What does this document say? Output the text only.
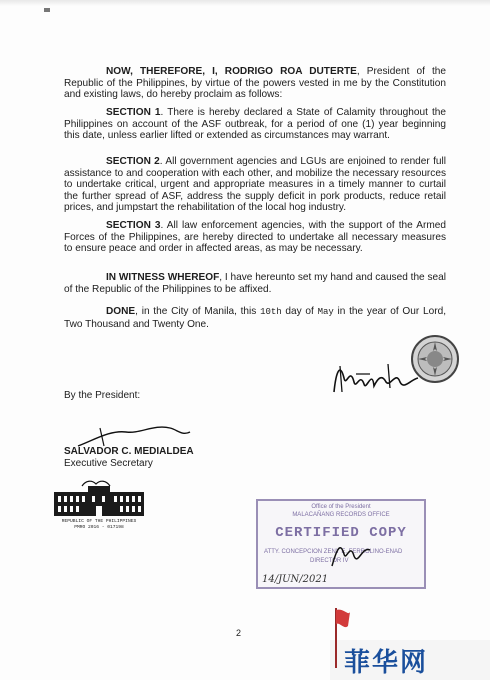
NOW, THEREFORE, I, RODRIGO ROA DUTERTE, President of the Republic of the Philippines, by virtue of the powers vested in me by the Constitution and existing laws, do hereby proclaim as follows:

SECTION 1. There is hereby declared a State of Calamity throughout the Philippines on account of the ASF outbreak, for a period of one (1) year beginning this date, unless earlier lifted or extended as circumstances may warrant.

SECTION 2. All government agencies and LGUs are enjoined to render full assistance to and cooperation with each other, and mobilize the necessary resources to undertake critical, urgent and appropriate measures in a timely manner to curtail the further spread of ASF, address the supply deficit in pork products, reduce retail prices, and jumpstart the rehabilitation of the local hog industry.

SECTION 3. All law enforcement agencies, with the support of the Armed Forces of the Philippines, are hereby directed to undertake all necessary measures to ensure peace and order in affected areas, as may be necessary.

IN WITNESS WHEREOF, I have hereunto set my hand and caused the seal of the Republic of the Philippines to be affixed.

DONE, in the City of Manila, this 10th day of May in the year of Our Lord, Two Thousand and Twenty One.

By the President:
SALVADOR C. MEDIALDEA
Executive Secretary
REPUBLIC OF THE PHILIPPINES
PMRO 2016 - 017198
Office of the President
MALACAÑANG RECORDS OFFICE
CERTIFIED COPY
ATTY. CONCEPCION ZENY E. FERROLINO-ENAD
DIRECTOR IV
14/JUN/2021
2
菲华网
